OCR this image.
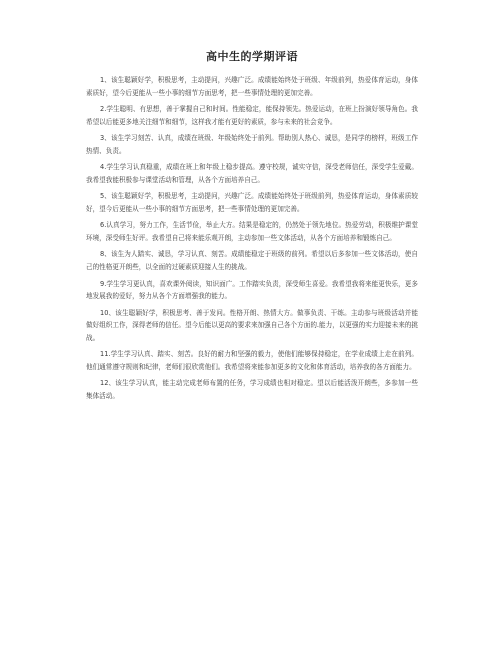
高中生的学期评语

1、该生聪颖好学，积极思考，主动提问，兴趣广泛。成绩能始终处于班级、年级前列，热爱体育运动，身体素质好，望今后更能从一些小事的细节方面思考，把一些事情处理的更加完善。

2.学生聪明、有思想，善于掌握自己和时间。性能稳定，能保持领先。热爱运动，在班上扮演好领导角色。我希望以后能更多地关注细节和细节，这样我才能有更好的素质，参与未来的社会竞争。

3、该生学习刻苦、认真，成绩在班级、年级始终处于前列。帮助别人热心、诚恳，是同学的榜样，班级工作热情、负责。

4.学生学习认真稳重，成绩在班上和年级上稳步提高。遵守校规，诚实守信，深受老师信任，深受学生爱戴。我希望我能积极参与课堂活动和管理，从各个方面培养自己。

5、该生聪颖好学，积极思考，主动提问，兴趣广泛。成绩能始终处于班级前列，热爱体育运动，身体素质较好，望今后更能从一些小事的细节方面思考，把一些事情处理的更加完善。

6.认真学习，努力工作，生活节俭，举止大方。结果是稳定的，仍然处于领先地位。热爱劳动，积极维护课堂环境，深受师生好评。我希望自己将来能乐观开朗，主动参加一些文体活动，从各个方面培养和锻炼自己。

8、该生为人踏实、诚恳，学习认真、刻苦。成绩能稳定于班级的前列。希望以后多参加一些文体活动，使自己的性格更开朗些，以全面的过硬素质迎接人生的挑战。

9.学生学习更认真，喜欢课外阅读，知识面广。工作踏实负责，深受师生喜爱。我希望我将来能更快乐，更多地发展我的爱好，努力从各个方面增强我的能力。

10、该生聪颖好学，积极思考、善于发问。性格开朗、热情大方。做事负责、干练。主动参与班级活动并能做好组织工作，深得老师的信任。望今后能以更高的要求来加强自己各个方面的.能力，以更强的实力迎接未来的挑战。

11.学生学习认真、踏实、刻苦。良好的耐力和坚强的毅力，使他们能够保持稳定，在学业成绩上走在前列。他们通常遵守规则和纪律，老师们很欣赏他们。我希望将来能参加更多的文化和体育活动，培养我的各方面能力。

12、该生学习认真，能主动完成老师布置的任务，学习成绩也相对稳定。望以后能活泼开朗些，多参加一些集体活动。
